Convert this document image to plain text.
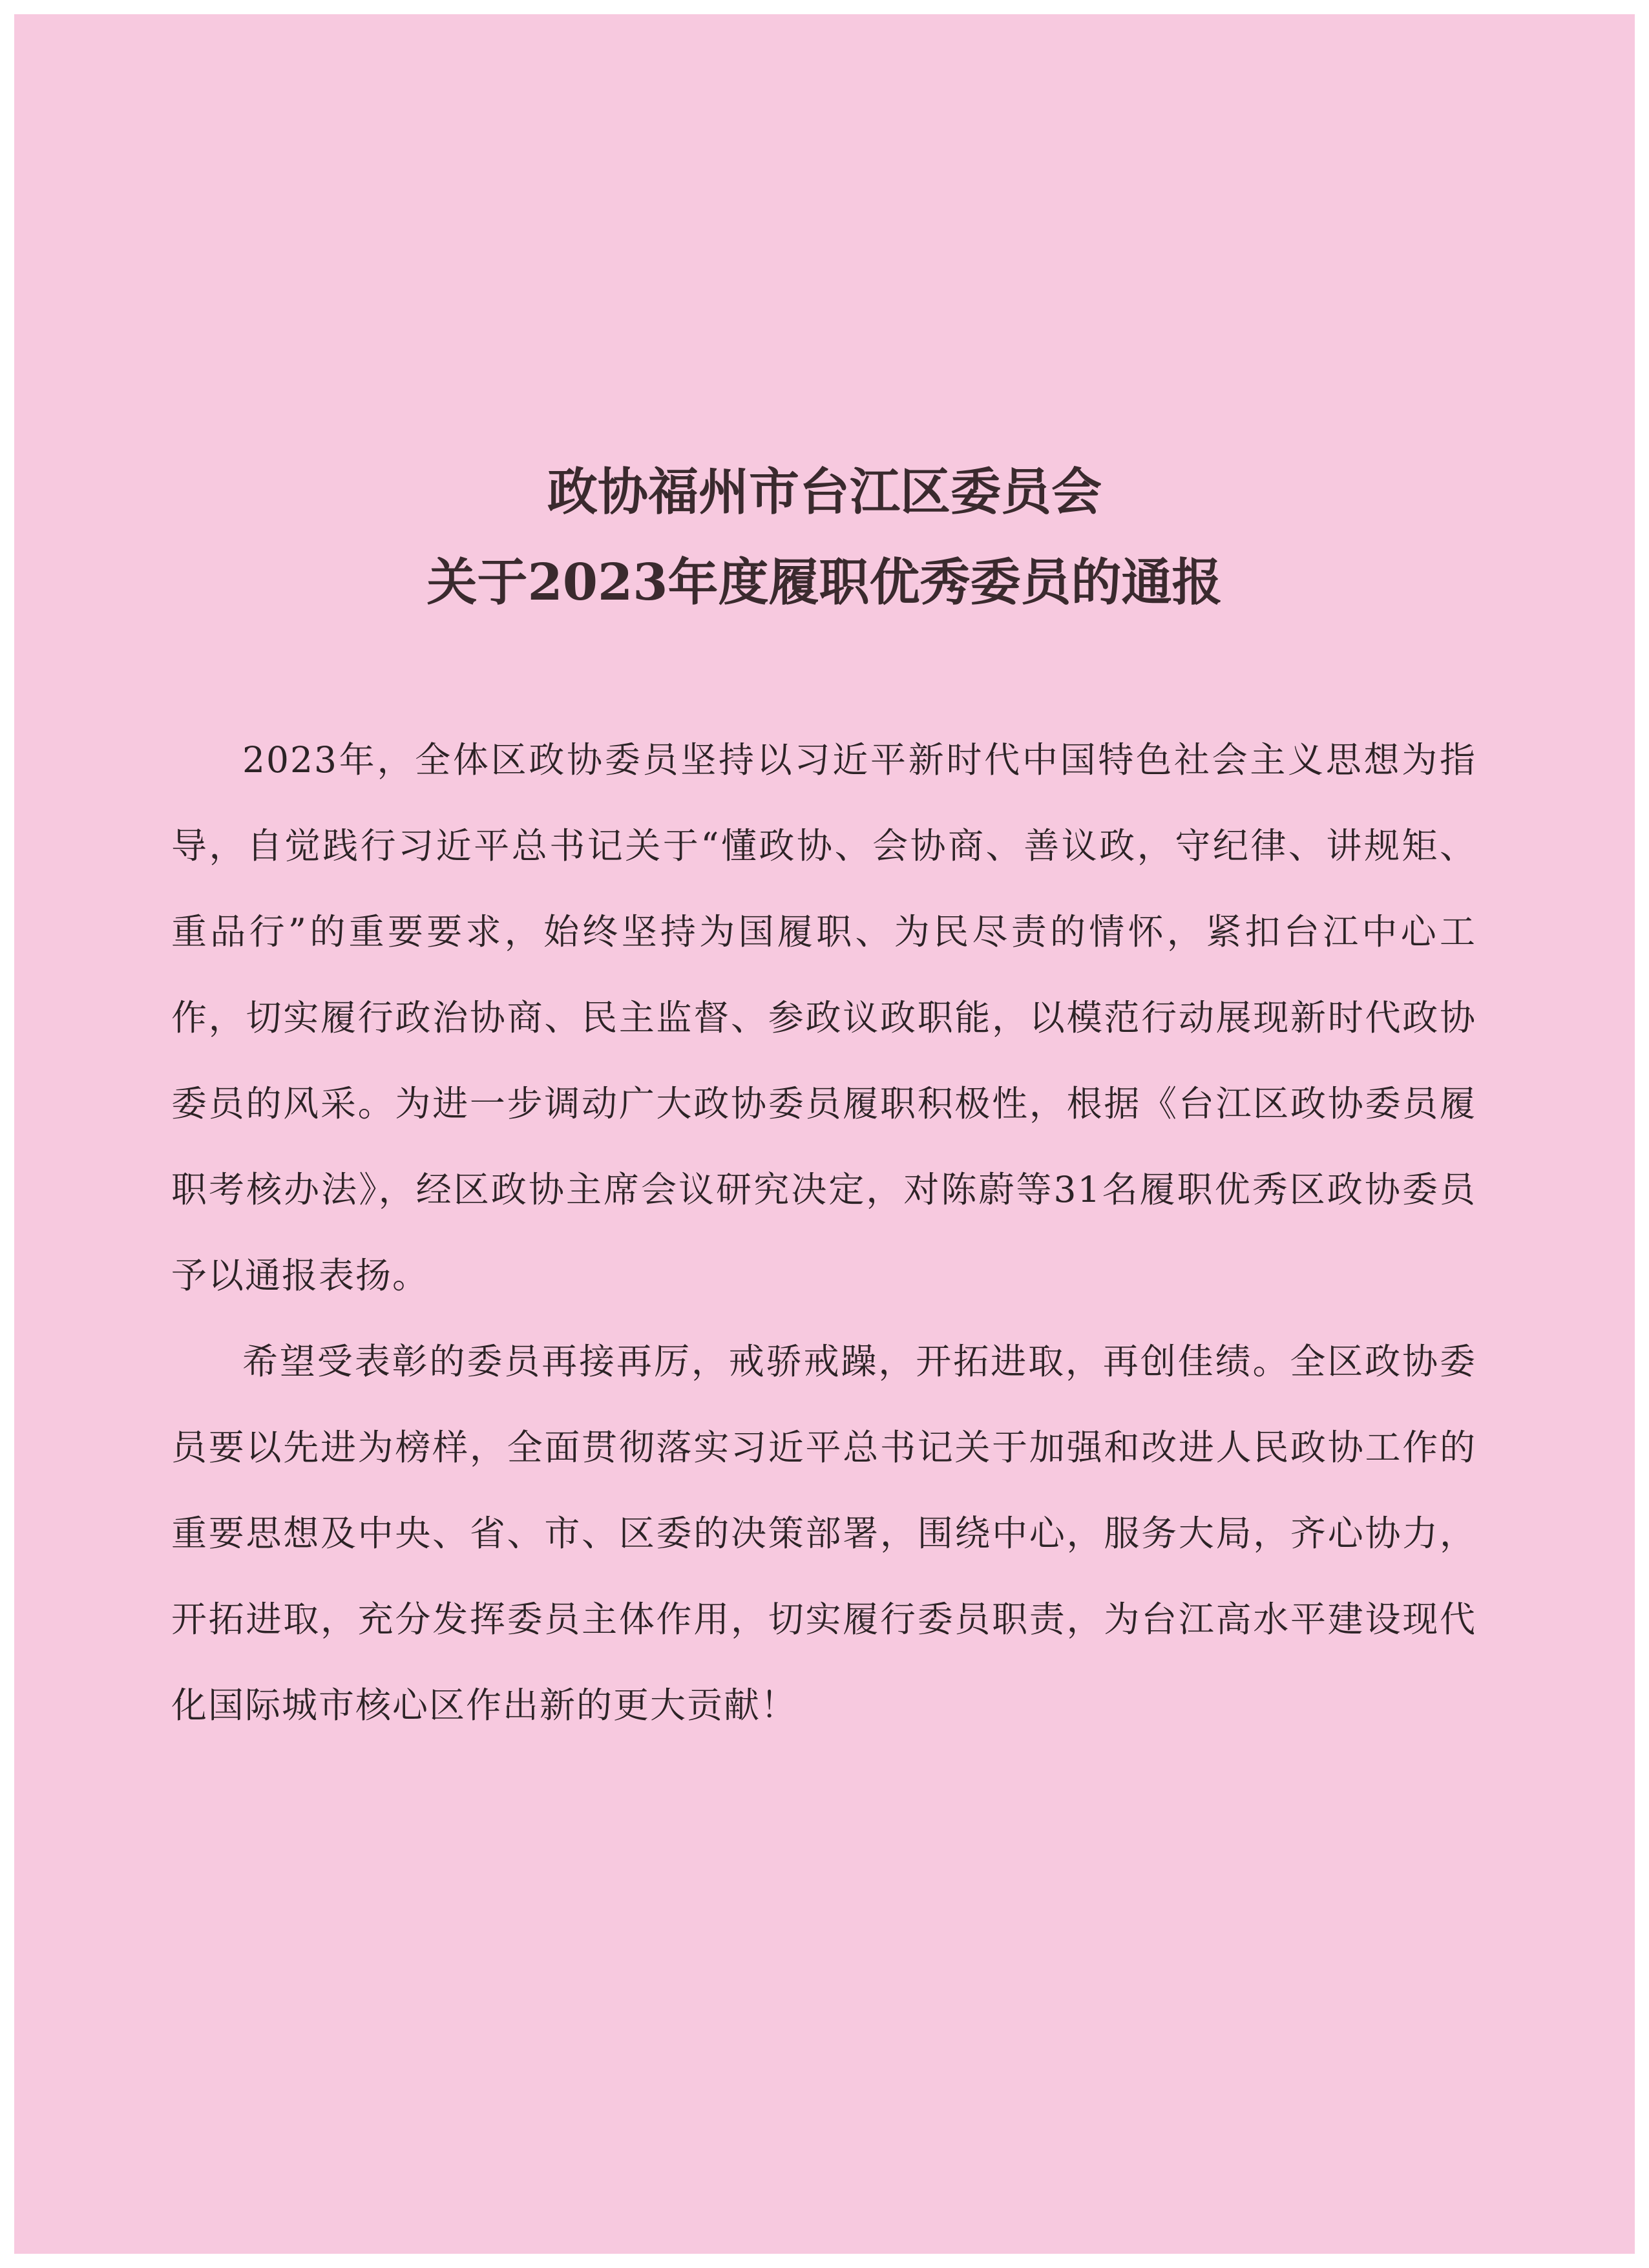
政协福州市台江区委员会
关于2023年度履职优秀委员的通报

2023年，全体区政协委员坚持以习近平新时代中国特色社会主义思想为指导，自觉践行习近平总书记关于“懂政协、会协商、善议政，守纪律、讲规矩、重品行”的重要要求，始终坚持为国履职、为民尽责的情怀，紧扣台江中心工作，切实履行政治协商、民主监督、参政议政职能，以模范行动展现新时代政协委员的风采。为进一步调动广大政协委员履职积极性，根据《台江区政协委员履职考核办法》，经区政协主席会议研究决定，对陈蔚等31名履职优秀区政协委员予以通报表扬。

希望受表彰的委员再接再厉，戒骄戒躁，开拓进取，再创佳绩。全区政协委员要以先进为榜样，全面贯彻落实习近平总书记关于加强和改进人民政协工作的重要思想及中央、省、市、区委的决策部署，围绕中心，服务大局，齐心协力，开拓进取，充分发挥委员主体作用，切实履行委员职责，为台江高水平建设现代化国际城市核心区作出新的更大贡献！
